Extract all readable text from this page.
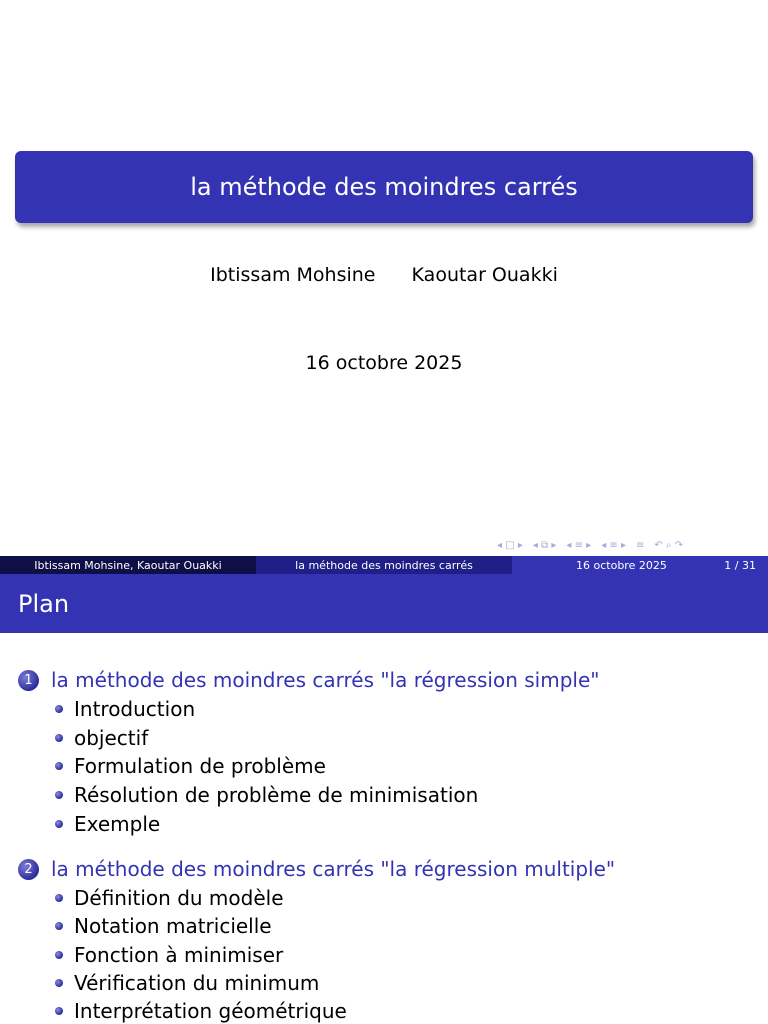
la méthode des moindres carrés
Ibtissam Mohsine Kaoutar Ouakki
16 octobre 2025
◂ □ ▸ ◂ ⧉ ▸ ◂ ≡ ▸ ◂ ≡ ▸ ≡ ↶ ⌕ ↷
Ibtissam Mohsine, Kaoutar Ouakki	la méthode des moindres carrés	16 octobre 2025	1 / 31
Plan
1 la méthode des moindres carrés "la régression simple"
Introduction
objectif
Formulation de problème
Résolution de problème de minimisation
Exemple
2 la méthode des moindres carrés "la régression multiple"
Définition du modèle
Notation matricielle
Fonction à minimiser
Vérification du minimum
Interprétation géométrique
